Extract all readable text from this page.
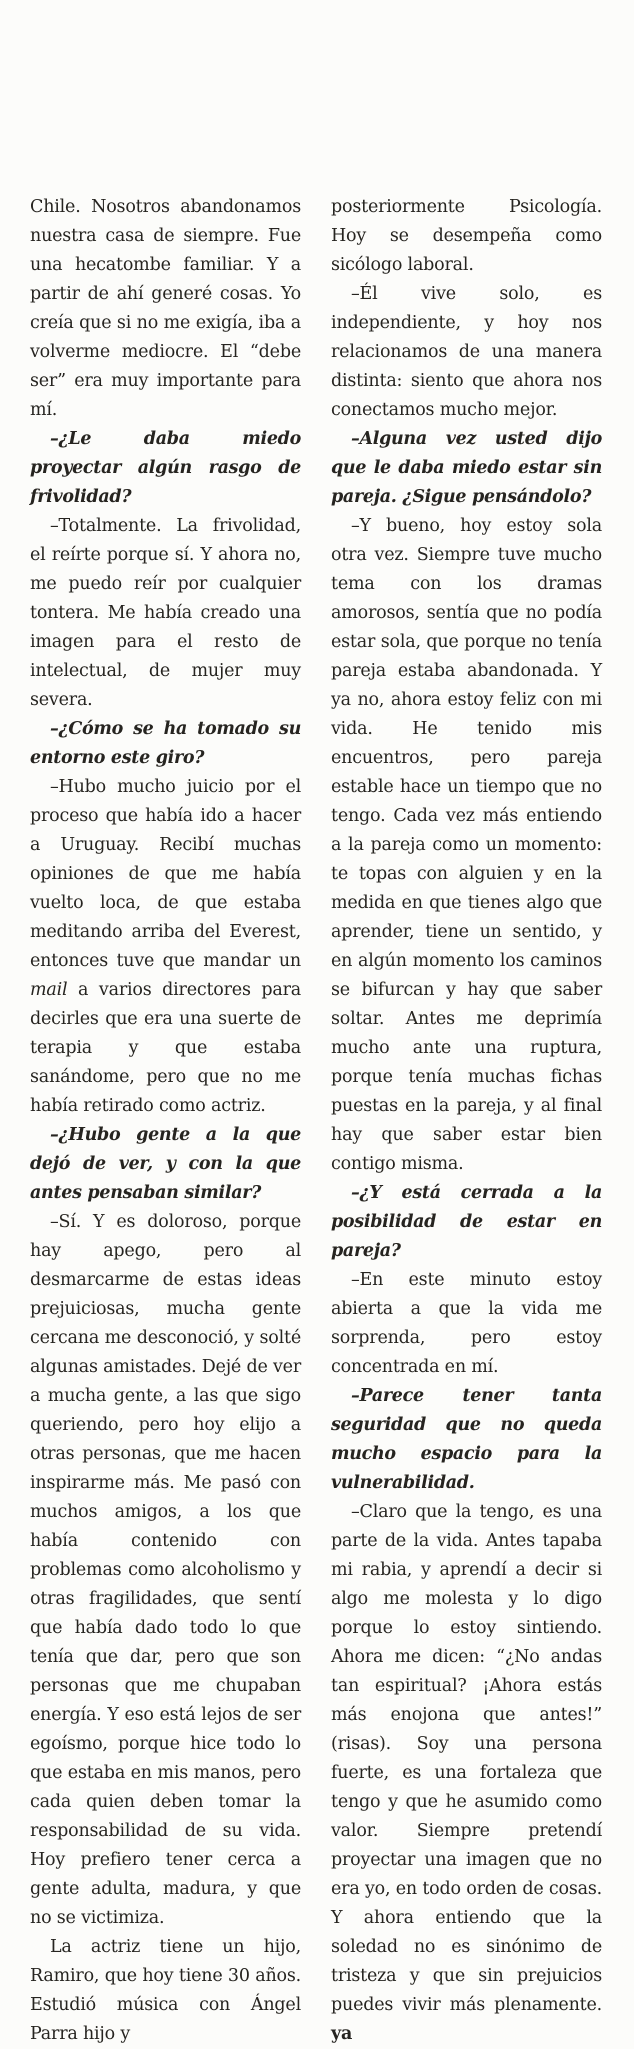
Chile. Nosotros abandonamos nuestra casa de siempre. Fue una hecatombe familiar. Y a partir de ahí generé cosas. Yo creía que si no me exigía, iba a volverme mediocre. El “debe ser” era muy importante para mí.

–¿Le daba miedo proyectar algún rasgo de frivolidad?

–Totalmente. La frivolidad, el reírte porque sí. Y ahora no, me puedo reír por cualquier tontera. Me había creado una imagen para el resto de intelectual, de mujer muy severa.

–¿Cómo se ha tomado su entorno este giro?

–Hubo mucho juicio por el proceso que había ido a hacer a Uruguay. Recibí muchas opiniones de que me había vuelto loca, de que estaba meditando arriba del Everest, entonces tuve que mandar un mail a varios directores para decirles que era una suerte de terapia y que estaba sanándome, pero que no me había retirado como actriz.

–¿Hubo gente a la que dejó de ver, y con la que antes pensaban similar?

–Sí. Y es doloroso, porque hay apego, pero al desmarcarme de estas ideas prejuiciosas, mucha gente cercana me desconoció, y solté algunas amistades. Dejé de ver a mucha gente, a las que sigo queriendo, pero hoy elijo a otras personas, que me hacen inspirarme más. Me pasó con muchos amigos, a los que había contenido con problemas como alcoholismo y otras fragilidades, que sentí que había dado todo lo que tenía que dar, pero que son personas que me chupaban energía. Y eso está lejos de ser egoísmo, porque hice todo lo que estaba en mis manos, pero cada quien deben tomar la responsabilidad de su vida. Hoy prefiero tener cerca a gente adulta, madura, y que no se victimiza.

La actriz tiene un hijo, Ramiro, que hoy tiene 30 años. Estudió música con Ángel Parra hijo y

posteriormente Psicología. Hoy se desempeña como sicólogo laboral.

–Él vive solo, es independiente, y hoy nos relacionamos de una manera distinta: siento que ahora nos conectamos mucho mejor.

–Alguna vez usted dijo que le daba miedo estar sin pareja. ¿Sigue pensándolo?

–Y bueno, hoy estoy sola otra vez. Siempre tuve mucho tema con los dramas amorosos, sentía que no podía estar sola, que porque no tenía pareja estaba abandonada. Y ya no, ahora estoy feliz con mi vida. He tenido mis encuentros, pero pareja estable hace un tiempo que no tengo. Cada vez más entiendo a la pareja como un momento: te topas con alguien y en la medida en que tienes algo que aprender, tiene un sentido, y en algún momento los caminos se bifurcan y hay que saber soltar. Antes me deprimía mucho ante una ruptura, porque tenía muchas fichas puestas en la pareja, y al final hay que saber estar bien contigo misma.

–¿Y está cerrada a la posibilidad de estar en pareja?

–En este minuto estoy abierta a que la vida me sorprenda, pero estoy concentrada en mí.

–Parece tener tanta seguridad que no queda mucho espacio para la vulnerabilidad.

–Claro que la tengo, es una parte de la vida. Antes tapaba mi rabia, y aprendí a decir si algo me molesta y lo digo porque lo estoy sintiendo. Ahora me dicen: “¿No andas tan espiritual? ¡Ahora estás más enojona que antes!” (risas). Soy una persona fuerte, es una fortaleza que tengo y que he asumido como valor. Siempre pretendí proyectar una imagen que no era yo, en todo orden de cosas. Y ahora entiendo que la soledad no es sinónimo de tristeza y que sin prejuicios puedes vivir más plenamente. ya
